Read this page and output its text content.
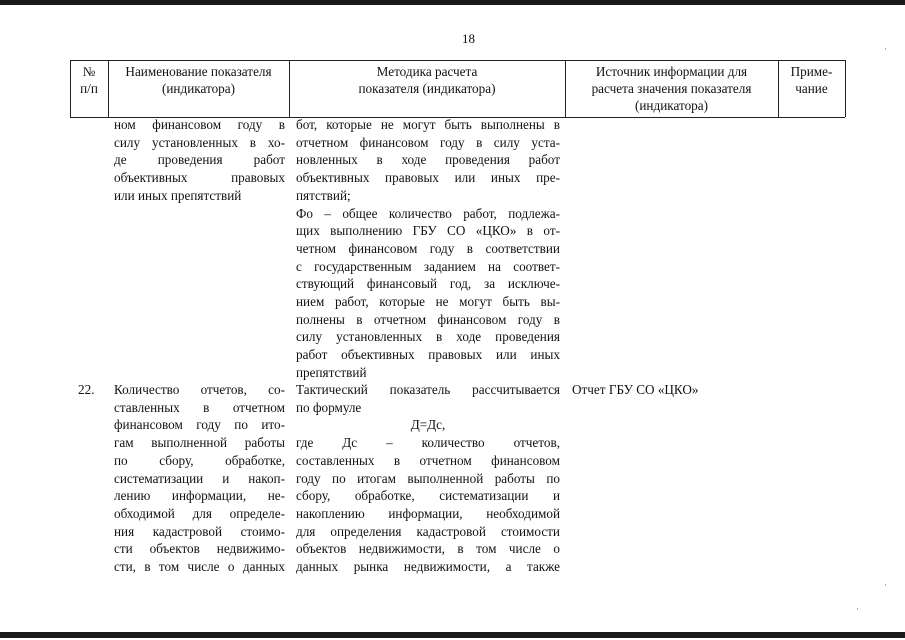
18
№
п/п
Наименование показателя
(индикатора)
Методика расчета
показателя (индикатора)
Источник информации для
расчета значения показателя
(индикатора)
Приме-
чание
ном финансовом году в
силу установленных в хо-
де проведения работ
объективных правовых
или иных препятствий
бот, которые не могут быть выполнены в
отчетном финансовом году в силу уста-
новленных в ходе проведения работ
объективных правовых или иных пре-
пятствий;
Фо – общее количество работ, подлежа-
щих выполнению ГБУ СО «ЦКО» в от-
четном финансовом году в соответствии
с государственным заданием на соответ-
ствующий финансовый год, за исключе-
нием работ, которые не могут быть вы-
полнены в отчетном финансовом году в
силу установленных в ходе проведения
работ объективных правовых или иных
препятствий
22.	Количество отчетов, со-
ставленных в отчетном
финансовом году по ито-
гам выполненной работы
по сбору, обработке,
систематизации и накоп-
лению информации, не-
обходимой для определе-
ния кадастровой стоимо-
сти объектов недвижимо-
сти, в том числе о данных
Тактический показатель рассчитывается
по формуле
Д=Дс,
где Дс – количество отчетов,
составленных в отчетном финансовом
году по итогам выполненной работы по
сбору, обработке, систематизации и
накоплению информации, необходимой
для определения кадастровой стоимости
объектов недвижимости, в том числе о
данных рынка недвижимости, а также
Отчет ГБУ СО «ЦКО»
·
·
·
